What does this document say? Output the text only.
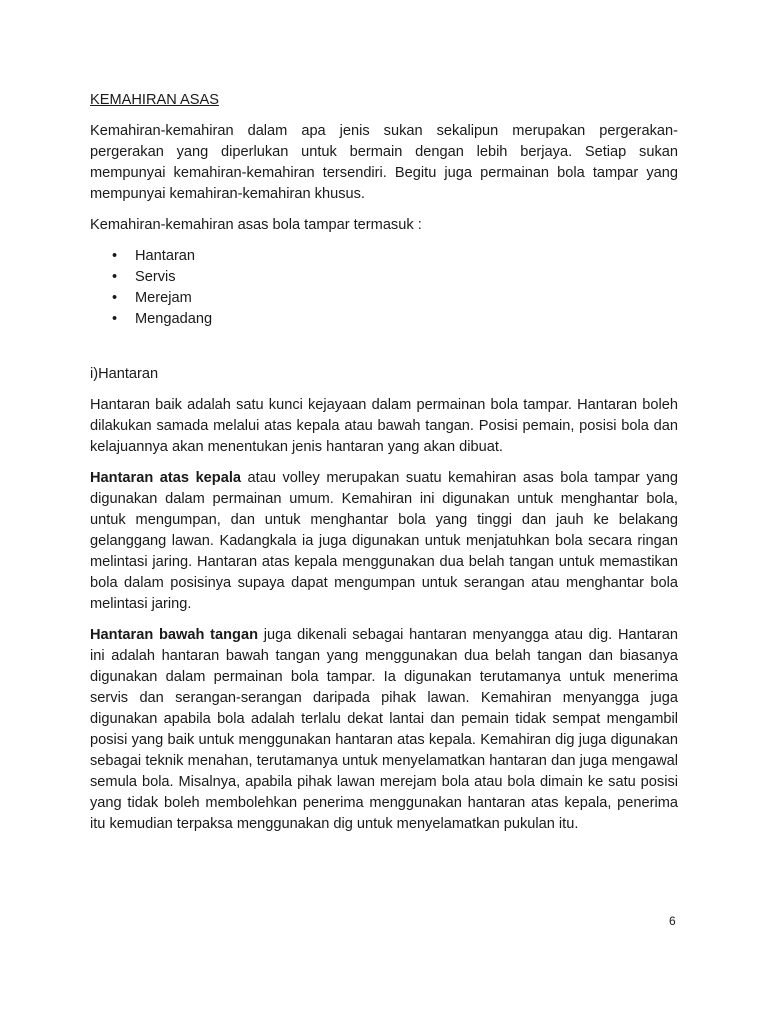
KEMAHIRAN ASAS

Kemahiran-kemahiran dalam apa jenis sukan sekalipun merupakan pergerakan-pergerakan yang diperlukan untuk bermain dengan lebih berjaya. Setiap sukan mempunyai kemahiran-kemahiran tersendiri. Begitu juga permainan bola tampar yang mempunyai kemahiran-kemahiran khusus.

Kemahiran-kemahiran asas bola tampar termasuk :

• Hantaran
• Servis
• Merejam
• Mengadang
i)Hantaran

Hantaran baik adalah satu kunci kejayaan dalam permainan bola tampar. Hantaran boleh dilakukan samada melalui atas kepala atau bawah tangan. Posisi pemain, posisi bola dan kelajuannya akan menentukan jenis hantaran yang akan dibuat.

Hantaran atas kepala atau volley merupakan suatu kemahiran asas bola tampar yang digunakan dalam permainan umum. Kemahiran ini digunakan untuk menghantar bola, untuk mengumpan, dan untuk menghantar bola yang tinggi dan jauh ke belakang gelanggang lawan. Kadangkala ia juga digunakan untuk menjatuhkan bola secara ringan melintasi jaring. Hantaran atas kepala menggunakan dua belah tangan untuk memastikan bola dalam posisinya supaya dapat mengumpan untuk serangan atau menghantar bola melintasi jaring.

Hantaran bawah tangan juga dikenali sebagai hantaran menyangga atau dig. Hantaran ini adalah hantaran bawah tangan yang menggunakan dua belah tangan dan biasanya digunakan dalam permainan bola tampar. Ia digunakan terutamanya untuk menerima servis dan serangan-serangan daripada pihak lawan. Kemahiran menyangga juga digunakan apabila bola adalah terlalu dekat lantai dan pemain tidak sempat mengambil posisi yang baik untuk menggunakan hantaran atas kepala. Kemahiran dig juga digunakan sebagai teknik menahan, terutamanya untuk menyelamatkan hantaran dan juga mengawal semula bola. Misalnya, apabila pihak lawan merejam bola atau bola dimain ke satu posisi yang tidak boleh membolehkan penerima menggunakan hantaran atas kepala, penerima itu kemudian terpaksa menggunakan dig untuk menyelamatkan pukulan itu.

6
